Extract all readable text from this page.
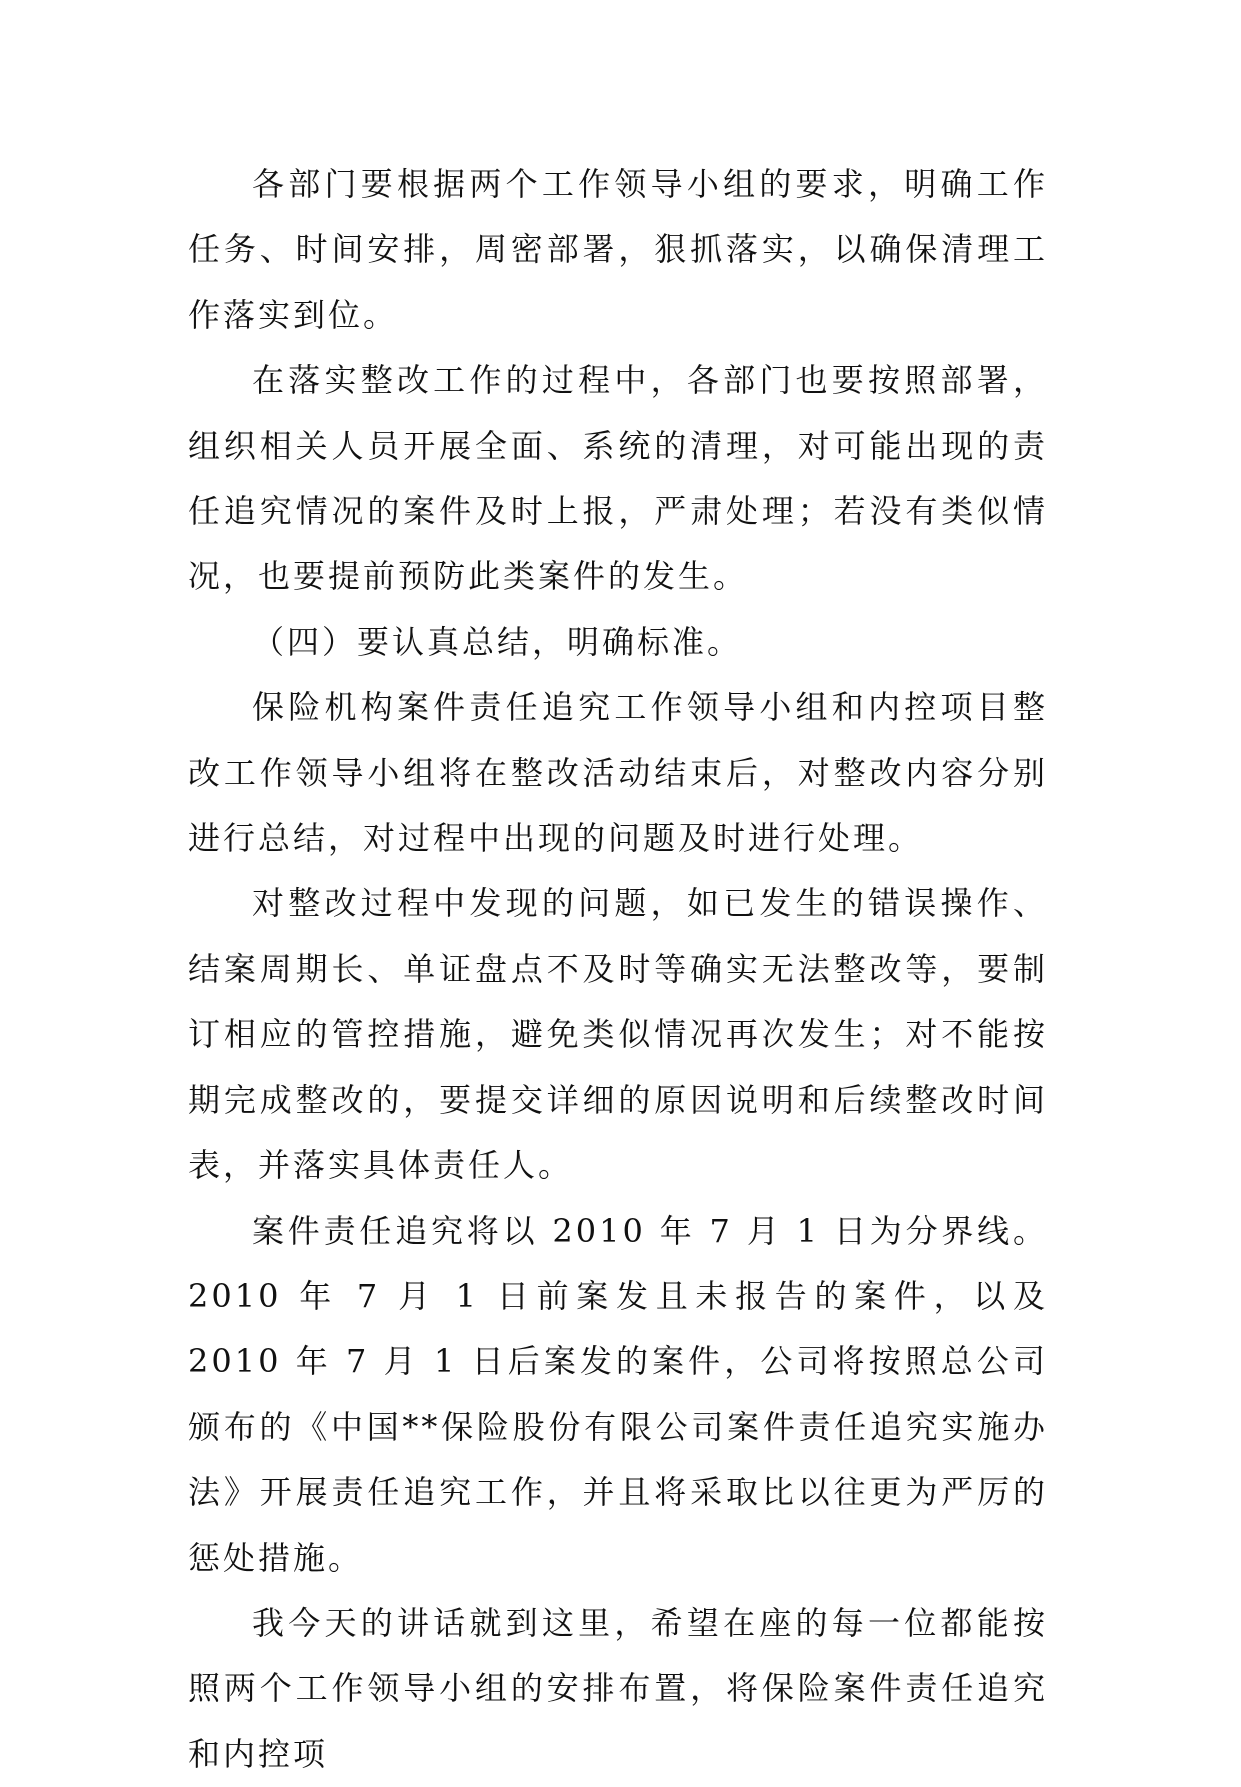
各部门要根据两个工作领导小组的要求，明确工作任务、时间安排，周密部署，狠抓落实，以确保清理工作落实到位。

在落实整改工作的过程中，各部门也要按照部署，组织相关人员开展全面、系统的清理，对可能出现的责任追究情况的案件及时上报，严肃处理；若没有类似情况，也要提前预防此类案件的发生。

（四）要认真总结，明确标准。

保险机构案件责任追究工作领导小组和内控项目整改工作领导小组将在整改活动结束后，对整改内容分别进行总结，对过程中出现的问题及时进行处理。

对整改过程中发现的问题，如已发生的错误操作、结案周期长、单证盘点不及时等确实无法整改等，要制订相应的管控措施，避免类似情况再次发生；对不能按期完成整改的，要提交详细的原因说明和后续整改时间表，并落实具体责任人。

案件责任追究将以 2010 年 7 月 1 日为分界线。2010 年 7 月 1 日前案发且未报告的案件，以及 2010 年 7 月 1 日后案发的案件，公司将按照总公司颁布的《中国**保险股份有限公司案件责任追究实施办法》开展责任追究工作，并且将采取比以往更为严厉的惩处措施。

我今天的讲话就到这里，希望在座的每一位都能按照两个工作领导小组的安排布置，将保险案件责任追究和内控项
